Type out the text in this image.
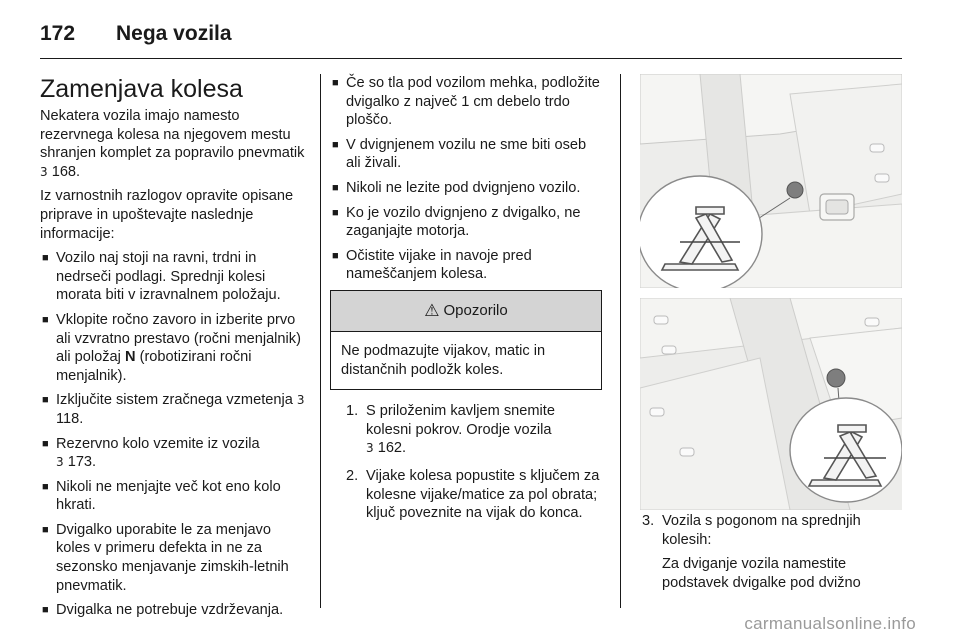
172 Nega vozila
Zamenjava kolesa

Nekatera vozila imajo namesto rezervnega kolesa na njegovem mestu shranjen komplet za popravilo pnevmatik 3 168.

Iz varnostnih razlogov opravite opisane priprave in upoštevajte naslednje informacije:

■ Vozilo naj stoji na ravni, trdni in nedrseči podlagi. Sprednji kolesi morata biti v izravnalnem položaju.
■ Vklopite ročno zavoro in izberite prvo ali vzvratno prestavo (ročni menjalnik) ali položaj N (robotizirani ročni menjalnik).
■ Izključite sistem zračnega vzmetenja 3 118.
■ Rezervno kolo vzemite iz vozila
3 173.
■ Nikoli ne menjajte več kot eno kolo hkrati.
■ Dvigalko uporabite le za menjavo koles v primeru defekta in ne za sezonsko menjavanje zimskih-letnih pnevmatik.
■ Dvigalka ne potrebuje vzdrževanja.
■ Če so tla pod vozilom mehka, podložite dvigalko z največ 1 cm debelo trdo ploščo.
■ V dvignjenem vozilu ne sme biti oseb ali živali.
■ Nikoli ne lezite pod dvignjeno vozilo.
■ Ko je vozilo dvignjeno z dvigalko, ne zaganjajte motorja.
■ Očistite vijake in navoje pred nameščanjem kolesa.
⚠ Opozorilo
Ne podmazujte vijakov, matic in distančnih podložk koles.
1. S priloženim kavljem snemite kolesni pokrov. Orodje vozila
3 162.
2. Vijake kolesa popustite s ključem za kolesne vijake/matice za pol obrata; ključ poveznite na vijak do konca.	3. Vozila s pogonom na sprednjih kolesih:

Za dviganje vozila namestite podstavek dvigalke pod dvižno

carmanualsonline.info
